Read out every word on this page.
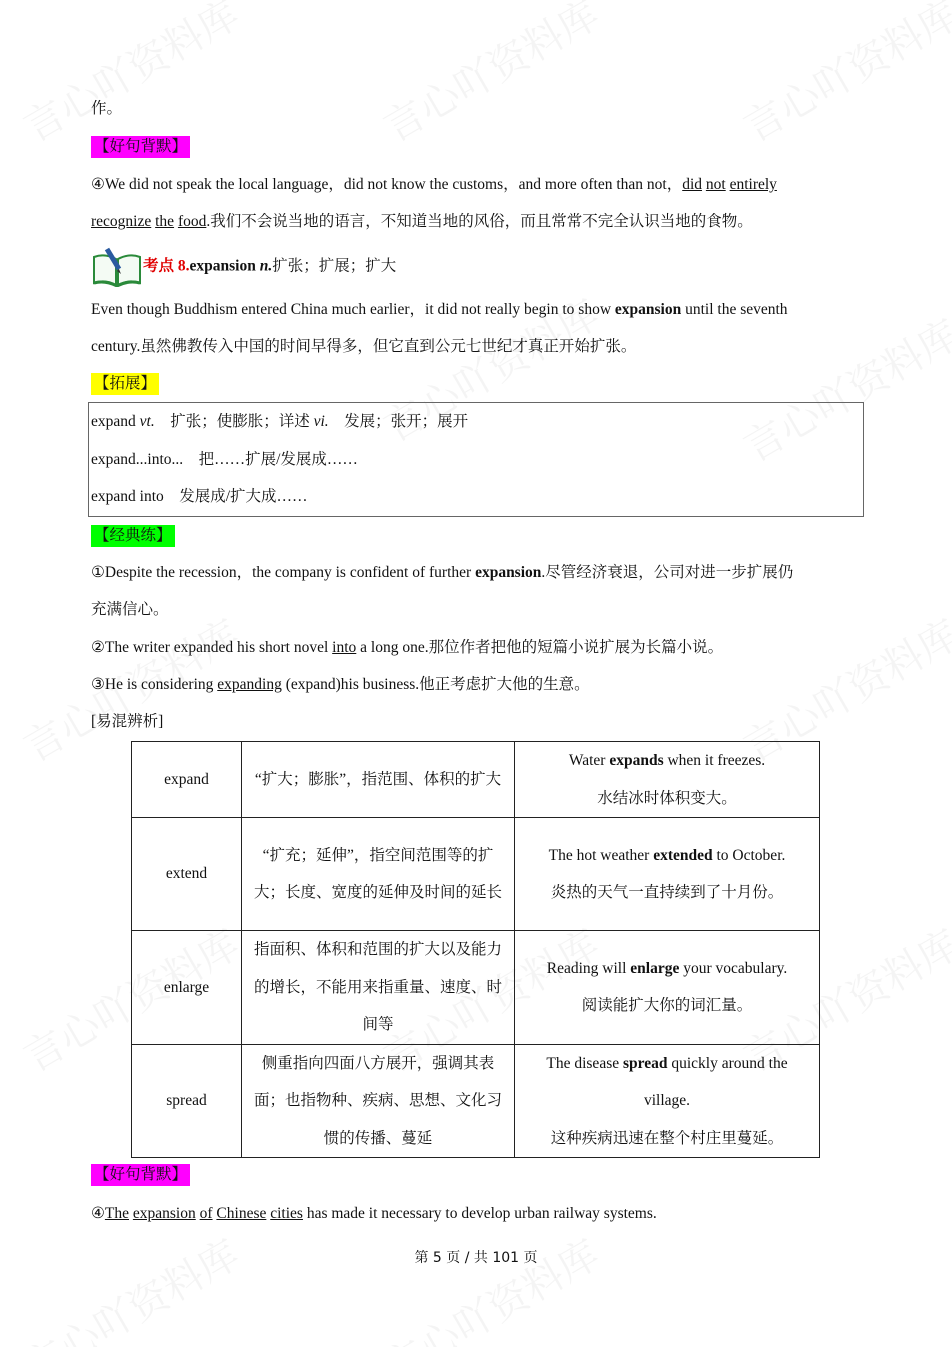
作。
【好句背默】
④We did not speak the local language，did not know the customs，and more often than not，did not entirely
recognize the food.我们不会说当地的语言，不知道当地的风俗，而且常常不完全认识当地的食物。
考点 8.expansion n.扩张；扩展；扩大
Even though Buddhism entered China much earlier，it did not really begin to show expansion until the seventh
century.虽然佛教传入中国的时间早得多，但它直到公元七世纪才真正开始扩张。
【拓展】
expand vt.　扩张；使膨胀；详述 vi.　发展；张开；展开
expand...into...　把……扩展/发展成……
expand into　发展成/扩大成……
【经典练】
①Despite the recession，the company is confident of further expansion.尽管经济衰退，公司对进一步扩展仍
充满信心。
②The writer expanded his short novel into a long one.那位作者把他的短篇小说扩展为长篇小说。
③He is considering expanding (expand)his business.他正考虑扩大他的生意。
[易混辨析]
expand	“扩大；膨胀”，指范围、体积的扩大	Water expands when it freezes.
水结冰时体积变大。
extend	“扩充；延伸”，指空间范围等的扩大；长度、宽度的延伸及时间的延长	The hot weather extended to October.
炎热的天气一直持续到了十月份。
enlarge	指面积、体积和范围的扩大以及能力的增长，不能用来指重量、速度、时间等	Reading will enlarge your vocabulary.
阅读能扩大你的词汇量。
spread	侧重指向四面八方展开，强调其表面；也指物种、疾病、思想、文化习惯的传播、蔓延	The disease spread quickly around the village.
这种疾病迅速在整个村庄里蔓延。
【好句背默】
④The expansion of Chinese cities has made it necessary to develop urban railway systems.
第 5 页 / 共 101 页
